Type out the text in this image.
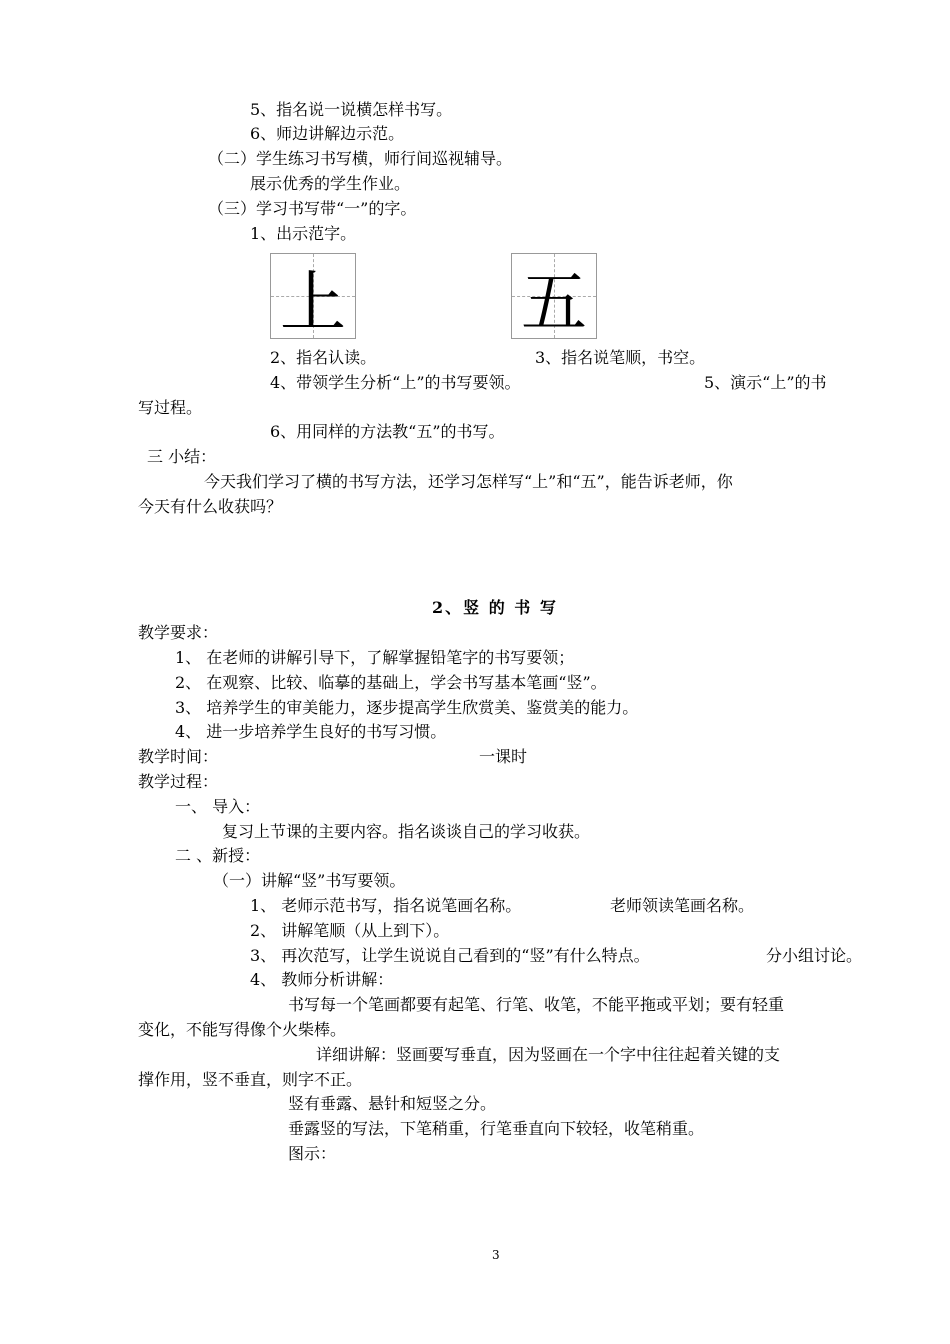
5、指名说一说横怎样书写。
6、师边讲解边示范。
（二）学生练习书写横，师行间巡视辅导。
展示优秀的学生作业。
（三）学习书写带“一”的字。
1、出示范字。
上	五
2、指名认读。	3、指名说笔顺，书空。
4、带领学生分析“上”的书写要领。	5、演示“上”的书
写过程。
6、用同样的方法教“五”的书写。
三 小结：
今天我们学习了横的书写方法，还学习怎样写“上”和“五”，能告诉老师，你
今天有什么收获吗？
2、竖 的 书 写
教学要求：
1、 在老师的讲解引导下，了解掌握铅笔字的书写要领；
2、 在观察、比较、临摹的基础上，学会书写基本笔画“竖”。
3、 培养学生的审美能力，逐步提高学生欣赏美、鉴赏美的能力。
4、 进一步培养学生良好的书写习惯。
教学时间：	一课时
教学过程：
一、 导入：
复习上节课的主要内容。指名谈谈自己的学习收获。
二 、新授：
（一）讲解“竖”书写要领。
1、 老师示范书写，指名说笔画名称。	老师领读笔画名称。
2、 讲解笔顺（从上到下）。
3、 再次范写，让学生说说自己看到的“竖”有什么特点。	分小组讨论。
4、 教师分析讲解：
书写每一个笔画都要有起笔、行笔、收笔，不能平拖或平划；要有轻重
变化，不能写得像个火柴棒。
详细讲解：竖画要写垂直，因为竖画在一个字中往往起着关键的支
撑作用，竖不垂直，则字不正。
竖有垂露、悬针和短竖之分。
垂露竖的写法，下笔稍重，行笔垂直向下较轻，收笔稍重。
图示：
3
